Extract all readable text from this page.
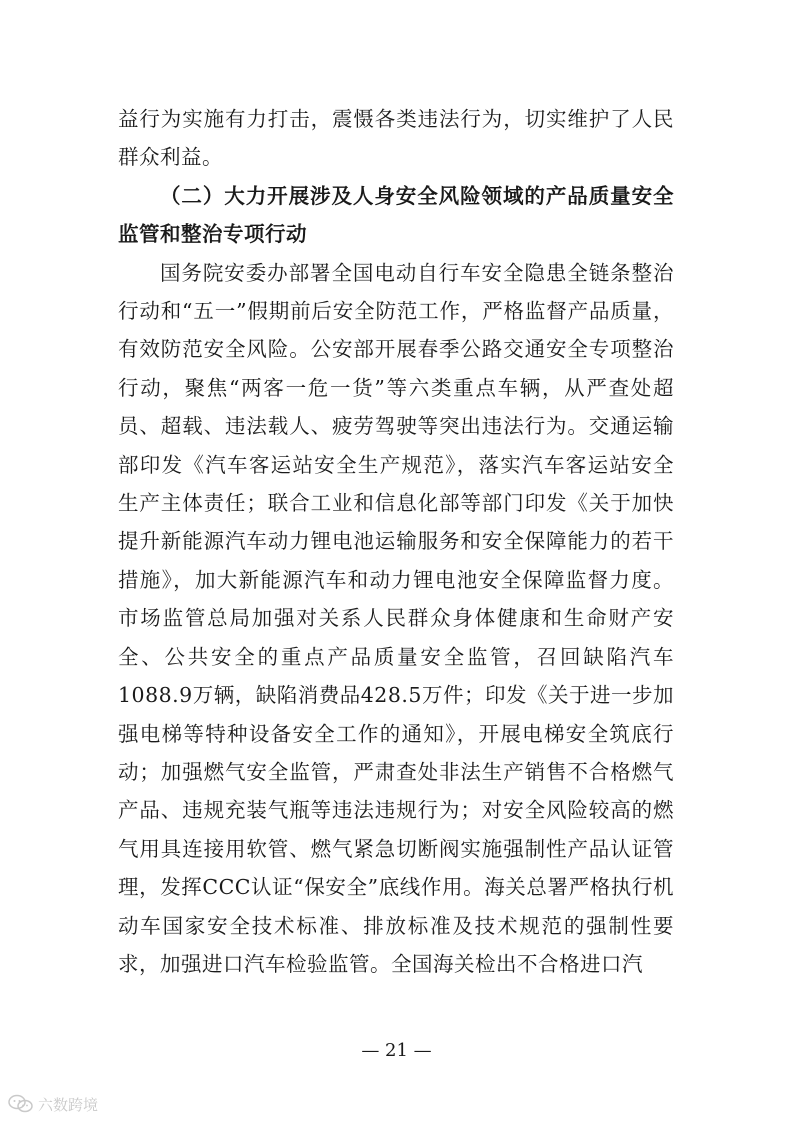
益行为实施有力打击，震慑各类违法行为，切实维护了人民群众利益。

（二）大力开展涉及人身安全风险领域的产品质量安全监管和整治专项行动

国务院安委办部署全国电动自行车安全隐患全链条整治行动和“五一”假期前后安全防范工作，严格监督产品质量，有效防范安全风险。公安部开展春季公路交通安全专项整治行动，聚焦“两客一危一货”等六类重点车辆，从严查处超员、超载、违法载人、疲劳驾驶等突出违法行为。交通运输部印发《汽车客运站安全生产规范》，落实汽车客运站安全生产主体责任；联合工业和信息化部等部门印发《关于加快提升新能源汽车动力锂电池运输服务和安全保障能力的若干措施》，加大新能源汽车和动力锂电池安全保障监督力度。市场监管总局加强对关系人民群众身体健康和生命财产安全、公共安全的重点产品质量安全监管，召回缺陷汽车1088.9万辆，缺陷消费品428.5万件；印发《关于进一步加强电梯等特种设备安全工作的通知》，开展电梯安全筑底行动；加强燃气安全监管，严肃查处非法生产销售不合格燃气产品、违规充装气瓶等违法违规行为；对安全风险较高的燃气用具连接用软管、燃气紧急切断阀实施强制性产品认证管理，发挥CCC认证“保安全”底线作用。海关总署严格执行机动车国家安全技术标准、排放标准及技术规范的强制性要求，加强进口汽车检验监管。全国海关检出不合格进口汽

— 21 —
六数跨境
